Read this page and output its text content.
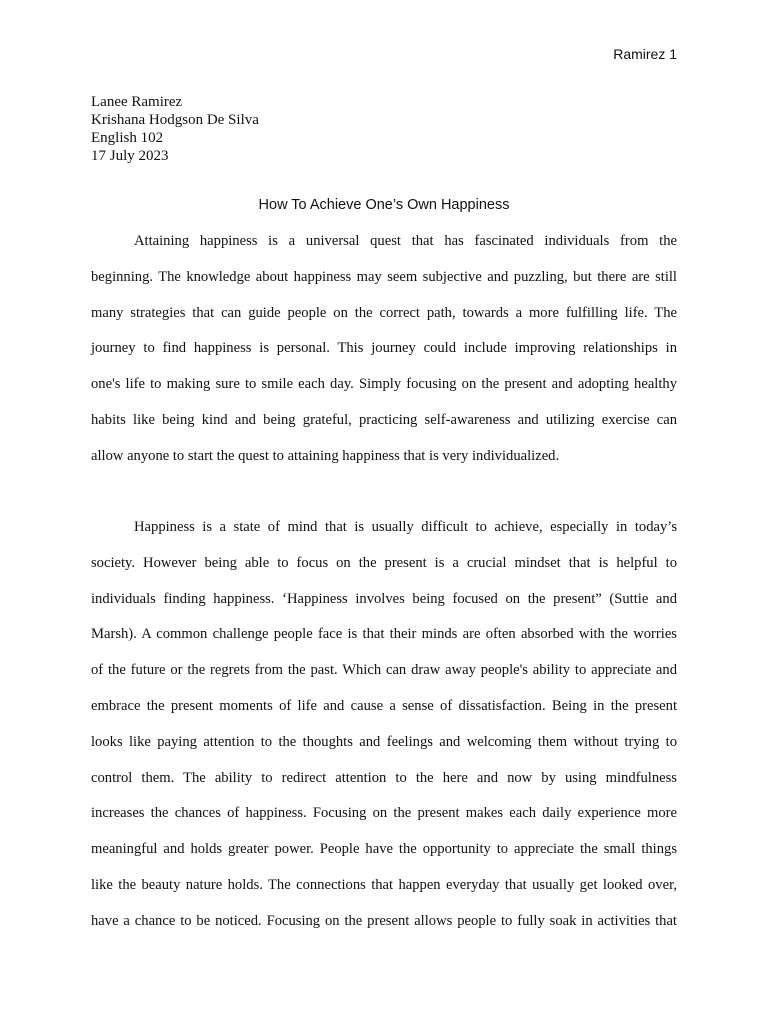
Ramirez 1
Lanee Ramirez
Krishana Hodgson De Silva
English 102
17 July 2023
How To Achieve One’s Own Happiness
Attaining happiness is a universal quest that has fascinated individuals from the
beginning. The knowledge about happiness may seem subjective and puzzling, but there are still
many strategies that can guide people on the correct path, towards a more fulfilling life. The
journey to find happiness is personal. This journey could include improving relationships in
one's life to making sure to smile each day. Simply focusing on the present and adopting healthy
habits like being kind and being grateful, practicing self-awareness and utilizing exercise can
allow anyone to start the quest to attaining happiness that is very individualized.
Happiness is a state of mind that is usually difficult to achieve, especially in today’s
society. However being able to focus on the present is a crucial mindset that is helpful to
individuals finding happiness. ‘Happiness involves being focused on the present” (Suttie and
Marsh). A common challenge people face is that their minds are often absorbed with the worries
of the future or the regrets from the past. Which can draw away people's ability to appreciate and
embrace the present moments of life and cause a sense of dissatisfaction. Being in the present
looks like paying attention to the thoughts and feelings and welcoming them without trying to
control them. The ability to redirect attention to the here and now by using mindfulness
increases the chances of happiness. Focusing on the present makes each daily experience more
meaningful and holds greater power. People have the opportunity to appreciate the small things
like the beauty nature holds. The connections that happen everyday that usually get looked over,
have a chance to be noticed. Focusing on the present allows people to fully soak in activities that
